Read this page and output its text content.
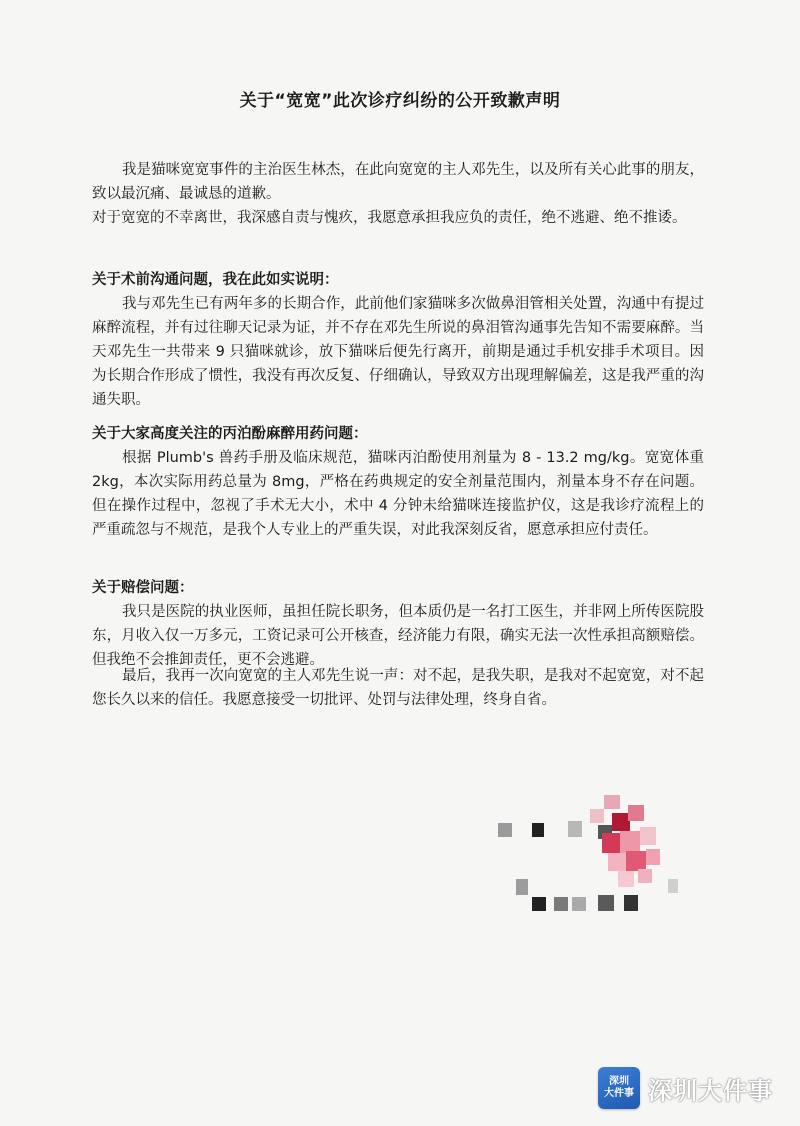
关于“宽宽”此次诊疗纠纷的公开致歉声明

我是猫咪宽宽事件的主治医生林杰，在此向宽宽的主人邓先生，以及所有关心此事的朋友，致以最沉痛、最诚恳的道歉。

对于宽宽的不幸离世，我深感自责与愧疚，我愿意承担我应负的责任，绝不逃避、绝不推诿。

关于术前沟通问题，我在此如实说明：

我与邓先生已有两年多的长期合作，此前他们家猫咪多次做鼻泪管相关处置，沟通中有提过麻醉流程，并有过往聊天记录为证，并不存在邓先生所说的鼻泪管沟通事先告知不需要麻醉。当天邓先生一共带来 9 只猫咪就诊，放下猫咪后便先行离开，前期是通过手机安排手术项目。因为长期合作形成了惯性，我没有再次反复、仔细确认，导致双方出现理解偏差，这是我严重的沟通失职。

关于大家高度关注的丙泊酚麻醉用药问题：

根据 Plumb's 兽药手册及临床规范，猫咪丙泊酚使用剂量为 8 - 13.2 mg/kg。宽宽体重 2kg，本次实际用药总量为 8mg，严格在药典规定的安全剂量范围内，剂量本身不存在问题。但在操作过程中，忽视了手术无大小，术中 4 分钟未给猫咪连接监护仪，这是我诊疗流程上的严重疏忽与不规范，是我个人专业上的严重失误，对此我深刻反省，愿意承担应付责任。

关于赔偿问题：

我只是医院的执业医师，虽担任院长职务，但本质仍是一名打工医生，并非网上所传医院股东，月收入仅一万多元，工资记录可公开核查，经济能力有限，确实无法一次性承担高额赔偿。但我绝不会推卸责任，更不会逃避。

最后，我再一次向宽宽的主人邓先生说一声：对不起，是我失职，是我对不起宽宽，对不起您长久以来的信任。我愿意接受一切批评、处罚与法律处理，终身自省。

深圳
大件事 深圳大件事
